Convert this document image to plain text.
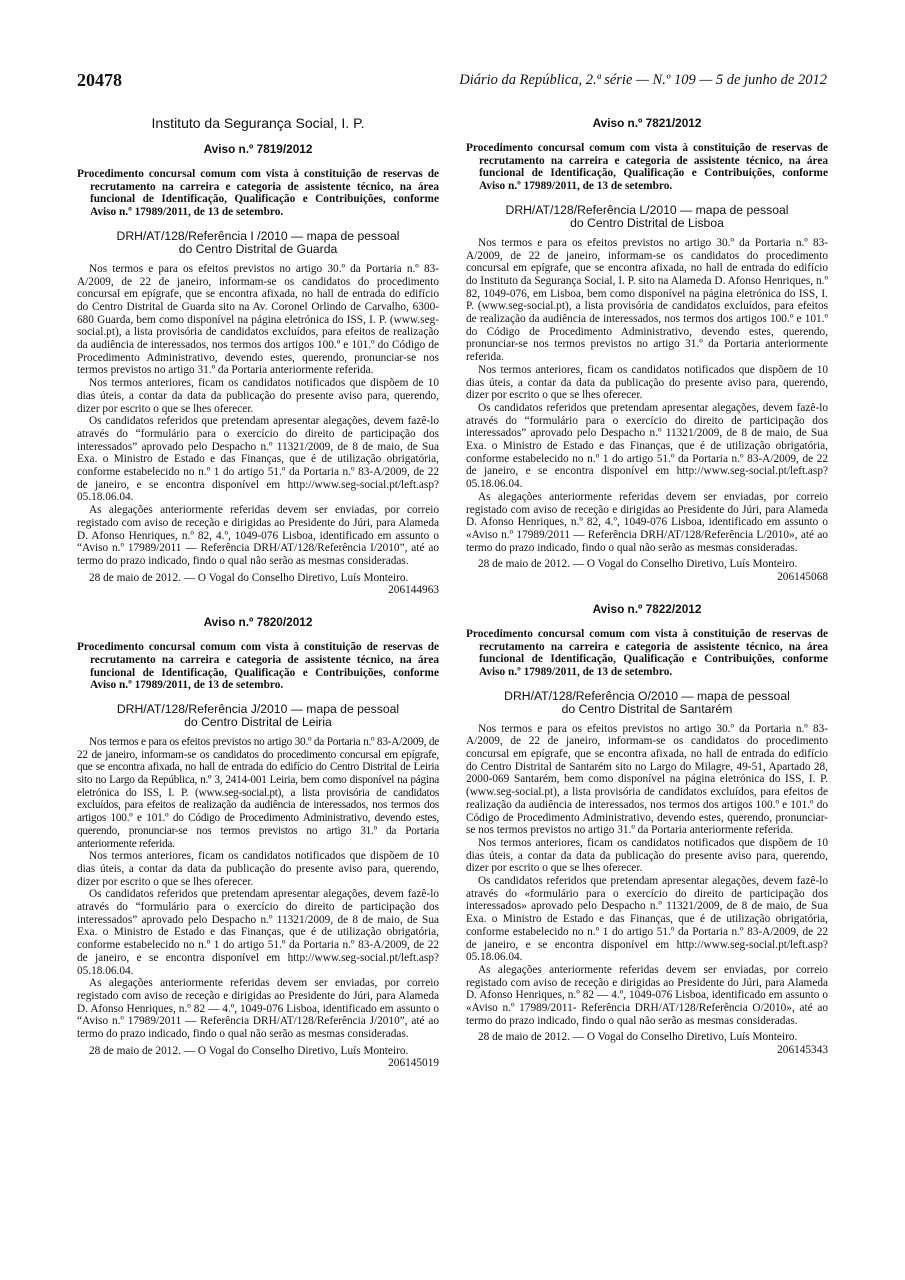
20478	Diário da República, 2.ª série — N.º 109 — 5 de junho de 2012
Instituto da Segurança Social, I. P.
Aviso n.º 7819/2012

Procedimento concursal comum com vista à constituição de reservas de recrutamento na carreira e categoria de assistente técnico, na área funcional de Identificação, Qualificação e Contribuições, conforme Aviso n.º 17989/2011, de 13 de setembro.

DRH/AT/128/Referência I /2010 — mapa de pessoal
do Centro Distrital de Guarda

Nos termos e para os efeitos previstos no artigo 30.º da Portaria n.º 83-A/2009, de 22 de janeiro, informam-se os candidatos do procedimento concursal em epígrafe, que se encontra afixada, no hall de entrada do edifício do Centro Distrital de Guarda sito na Av. Coronel Orlindo de Carvalho, 6300-680 Guarda, bem como disponível na página eletrónica do ISS, I. P. (www.seg-social.pt), a lista provisória de candidatos excluídos, para efeitos de realização da audiência de interessados, nos termos dos artigos 100.º e 101.º do Código de Procedimento Administrativo, devendo estes, querendo, pronunciar-se nos termos previstos no artigo 31.º da Portaria anteriormente referida.

Nos termos anteriores, ficam os candidatos notificados que dispõem de 10 dias úteis, a contar da data da publicação do presente aviso para, querendo, dizer por escrito o que se lhes oferecer.

Os candidatos referidos que pretendam apresentar alegações, devem fazê-lo através do “formulário para o exercício do direito de participação dos interessados” aprovado pelo Despacho n.º 11321/2009, de 8 de maio, de Sua Exa. o Ministro de Estado e das Finanças, que é de utilização obrigatória, conforme estabelecido no n.º 1 do artigo 51.º da Portaria n.º 83-A/2009, de 22 de janeiro, e se encontra disponível em http://www.seg-social.pt/left.asp?05.18.06.04.

As alegações anteriormente referidas devem ser enviadas, por correio registado com aviso de receção e dirigidas ao Presidente do Júri, para Alameda D. Afonso Henriques, n.º 82, 4.º, 1049-076 Lisboa, identificado em assunto o “Aviso n.º 17989/2011 — Referência DRH/AT/128/Referência I/2010”, até ao termo do prazo indicado, findo o qual não serão as mesmas consideradas.

28 de maio de 2012. — O Vogal do Conselho Diretivo, Luís Monteiro.

206144963

Aviso n.º 7820/2012

Procedimento concursal comum com vista à constituição de reservas de recrutamento na carreira e categoria de assistente técnico, na área funcional de Identificação, Qualificação e Contribuições, conforme Aviso n.º 17989/2011, de 13 de setembro.

DRH/AT/128/Referência J/2010 — mapa de pessoal
do Centro Distrital de Leiria

Nos termos e para os efeitos previstos no artigo 30.º da Portaria n.º 83-A/2009, de 22 de janeiro, informam-se os candidatos do procedimento concursal em epígrafe, que se encontra afixada, no hall de entrada do edifício do Centro Distrital de Leiria sito no Largo da República, n.º 3, 2414-001 Leiria, bem como disponível na página eletrónica do ISS, I. P. (www.seg-social.pt), a lista provisória de candidatos excluídos, para efeitos de realização da audiência de interessados, nos termos dos artigos 100.º e 101.º do Código de Procedimento Administrativo, devendo estes, querendo, pronunciar-se nos termos previstos no artigo 31.º da Portaria anteriormente referida.

Nos termos anteriores, ficam os candidatos notificados que dispõem de 10 dias úteis, a contar da data da publicação do presente aviso para, querendo, dizer por escrito o que se lhes oferecer.

Os candidatos referidos que pretendam apresentar alegações, devem fazê-lo através do “formulário para o exercício do direito de participação dos interessados” aprovado pelo Despacho n.º 11321/2009, de 8 de maio, de Sua Exa. o Ministro de Estado e das Finanças, que é de utilização obrigatória, conforme estabelecido no n.º 1 do artigo 51.º da Portaria n.º 83-A/2009, de 22 de janeiro, e se encontra disponível em http://www.seg-social.pt/left.asp?05.18.06.04.

As alegações anteriormente referidas devem ser enviadas, por correio registado com aviso de receção e dirigidas ao Presidente do Júri, para Alameda D. Afonso Henriques, n.º 82 — 4.º, 1049-076 Lisboa, identificado em assunto o “Aviso n.º 17989/2011 — Referência DRH/AT/128/Referência J/2010”, até ao termo do prazo indicado, findo o qual não serão as mesmas consideradas.

28 de maio de 2012. — O Vogal do Conselho Diretivo, Luís Monteiro.

206145019

Aviso n.º 7821/2012

Procedimento concursal comum com vista à constituição de reservas de recrutamento na carreira e categoria de assistente técnico, na área funcional de Identificação, Qualificação e Contribuições, conforme Aviso n.º 17989/2011, de 13 de setembro.

DRH/AT/128/Referência L/2010 — mapa de pessoal
do Centro Distrital de Lisboa

Nos termos e para os efeitos previstos no artigo 30.º da Portaria n.º 83-A/2009, de 22 de janeiro, informam-se os candidatos do procedimento concursal em epígrafe, que se encontra afixada, no hall de entrada do edifício do Instituto da Segurança Social, I. P. sito na Alameda D. Afonso Henriques, n.º 82, 1049-076, em Lisboa, bem como disponível na página eletrónica do ISS, I. P. (www.seg-social.pt), a lista provisória de candidatos excluídos, para efeitos de realização da audiência de interessados, nos termos dos artigos 100.º e 101.º do Código de Procedimento Administrativo, devendo estes, querendo, pronunciar-se nos termos previstos no artigo 31.º da Portaria anteriormente referida.

Nos termos anteriores, ficam os candidatos notificados que dispõem de 10 dias úteis, a contar da data da publicação do presente aviso para, querendo, dizer por escrito o que se lhes oferecer.

Os candidatos referidos que pretendam apresentar alegações, devem fazê-lo através do “formulário para o exercício do direito de participação dos interessados” aprovado pelo Despacho n.º 11321/2009, de 8 de maio, de Sua Exa. o Ministro de Estado e das Finanças, que é de utilização obrigatória, conforme estabelecido no n.º 1 do artigo 51.º da Portaria n.º 83-A/2009, de 22 de janeiro, e se encontra disponível em http://www.seg-social.pt/left.asp?05.18.06.04.

As alegações anteriormente referidas devem ser enviadas, por correio registado com aviso de receção e dirigidas ao Presidente do Júri, para Alameda D. Afonso Henriques, n.º 82, 4.º, 1049-076 Lisboa, identificado em assunto o «Aviso n.º 17989/2011 — Referência DRH/AT/128/Referência L/2010», até ao termo do prazo indicado, findo o qual não serão as mesmas consideradas.

28 de maio de 2012. — O Vogal do Conselho Diretivo, Luís Monteiro.

206145068

Aviso n.º 7822/2012

Procedimento concursal comum com vista à constituição de reservas de recrutamento na carreira e categoria de assistente técnico, na área funcional de Identificação, Qualificação e Contribuições, conforme Aviso n.º 17989/2011, de 13 de setembro.

DRH/AT/128/Referência O/2010 — mapa de pessoal
do Centro Distrital de Santarém

Nos termos e para os efeitos previstos no artigo 30.º da Portaria n.º 83-A/2009, de 22 de janeiro, informam-se os candidatos do procedimento concursal em epígrafe, que se encontra afixada, no hall de entrada do edifício do Centro Distrital de Santarém sito no Largo do Milagre, 49-51, Apartado 28, 2000-069 Santarém, bem como disponível na página eletrónica do ISS, I. P. (www.seg-social.pt), a lista provisória de candidatos excluídos, para efeitos de realização da audiência de interessados, nos termos dos artigos 100.º e 101.º do Código de Procedimento Administrativo, devendo estes, querendo, pronunciar-se nos termos previstos no artigo 31.º da Portaria anteriormente referida.

Nos termos anteriores, ficam os candidatos notificados que dispõem de 10 dias úteis, a contar da data da publicação do presente aviso para, querendo, dizer por escrito o que se lhes oferecer.

Os candidatos referidos que pretendam apresentar alegações, devem fazê-lo através do «formulário para o exercício do direito de participação dos interessados» aprovado pelo Despacho n.º 11321/2009, de 8 de maio, de Sua Exa. o Ministro de Estado e das Finanças, que é de utilização obrigatória, conforme estabelecido no n.º 1 do artigo 51.º da Portaria n.º 83-A/2009, de 22 de janeiro, e se encontra disponível em http://www.seg-social.pt/left.asp?05.18.06.04.

As alegações anteriormente referidas devem ser enviadas, por correio registado com aviso de receção e dirigidas ao Presidente do Júri, para Alameda D. Afonso Henriques, n.º 82 — 4.º, 1049-076 Lisboa, identificado em assunto o «Aviso n.º 17989/2011- Referência DRH/AT/128/Referência O/2010», até ao termo do prazo indicado, findo o qual não serão as mesmas consideradas.

28 de maio de 2012. — O Vogal do Conselho Diretivo, Luís Monteiro.

206145343
